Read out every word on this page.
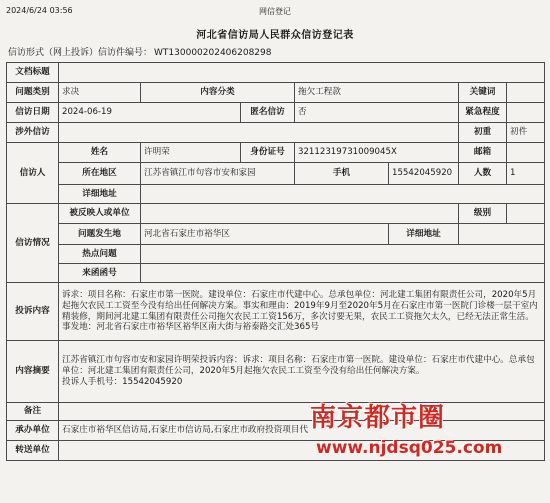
2024/6/24 03:56	网信登记
河北省信访局人民群众信访登记表
信访形式（网上投诉）信访件编号： WT1300002024062082​98
文档标题							
问题类别	求决	内容分类		拖欠工程款		关键词	
信访日期	2024-06-19		匿名信访	否		紧急程度	
涉外信访						初重	初件
信访人	姓名	许明荣	身份证号	32112319731009045X		邮箱	
	所在地区	江苏省镇江市句容市安和家园		手机	15542045920	人数	1
	详细地址						
信访情况	被反映人或单位					级别	
	问题发生地	河北省石家庄市裕华区			详细地址		
	热点问题						
	来函函号						
投诉内容	诉求：项目名称：石家庄市第一医院。建设单位：石家庄市代建中心。总承包单位：河北建工集团有限责任公司，2020年5月起拖欠农民工工资至今没有给出任何解决方案。事实和理由：2019年9月至2020年5月在石家庄市第一医院门诊楼一层干室内精装修，期间河北建工集团有限责任公司拖欠农民工工资156万，多次讨要无果，农民工工资拖欠太久，已经无法正常生活。事发地：河北省石家庄市裕华区裕华区南大街与裕泰路交汇处365号						
内容摘要	江苏省镇江市句容市安和家园许明荣投诉内容：诉求：项目名称：石家庄市第一医院。建设单位：石家庄市代建中心。总承包单位：河北建工集团有限责任公司，2020年5月起拖欠农民工工资至今没有给出任何解决方案。
投诉人手机号：15542045920						

备注							
承办单位	石家庄市裕华区信访局,石家庄市信访局,石家庄市政府投资项目代						
转送单位							
南京都市圈
www.njdsq025.com
